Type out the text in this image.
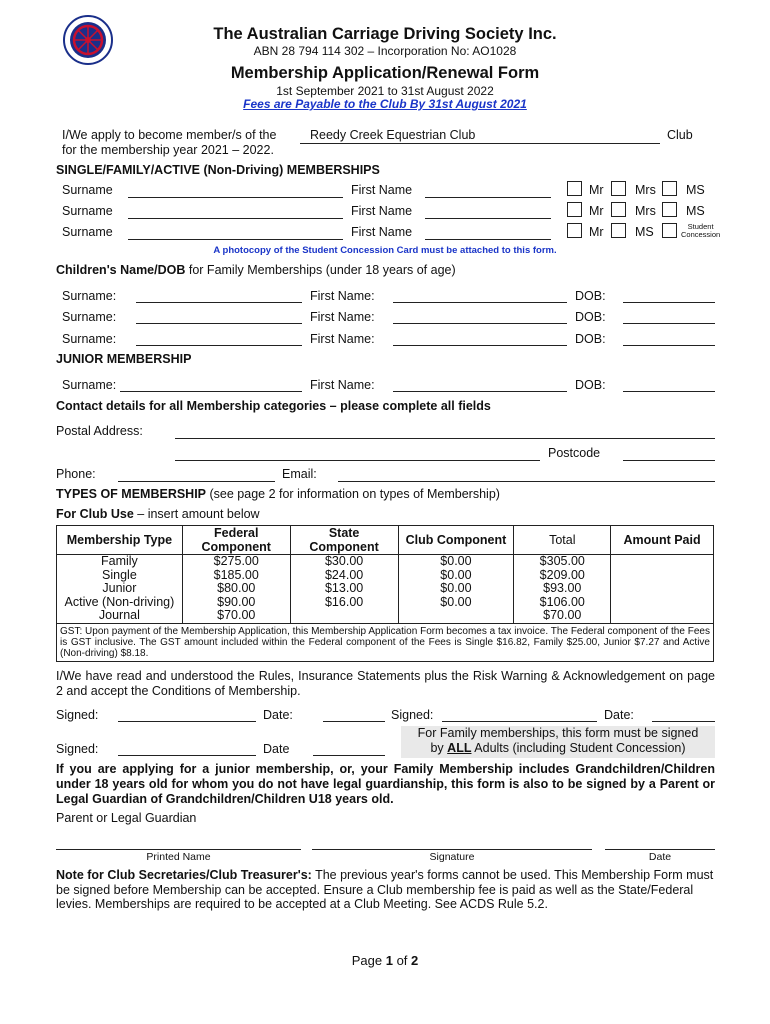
The Australian Carriage Driving Society Inc.
ABN 28 794 114 302 – Incorporation No: AO1028
Membership Application/Renewal Form
1st September 2021 to 31st August 2022
Fees are Payable to the Club By 31st August 2021
I/We apply to become member/s of the
for the membership year 2021 – 2022.
Reedy Creek Equestrian Club	Club
SINGLE/FAMILY/ACTIVE (Non-Driving) MEMBERSHIPS
Surname	First Name	Mr	Mrs MS
Surname	First Name	Mr	Mrs MS
Surname	First Name	Mr	MS	Student
Concession
A photocopy of the Student Concession Card must be attached to this form.
Children's Name/DOB for Family Memberships (under 18 years of age)
Surname:	First Name:	DOB:
Surname:	First Name:	DOB:
Surname:	First Name:	DOB:
JUNIOR MEMBERSHIP
Surname:	First Name:	DOB:
Contact details for all Membership categories – please complete all fields
Postal Address:
Postcode
Phone:	Email:
TYPES OF MEMBERSHIP (see page 2 for information on types of Membership)
For Club Use – insert amount below
Membership Type	Federal Component	State Component	Club Component	Total	Amount Paid
Family	$275.00	$30.00	$0.00	$305.00	
Single	$185.00	$24.00	$0.00	$209.00	
Junior	$80.00	$13.00	$0.00	$93.00	
Active (Non-driving)	$90.00	$16.00	$0.00	$106.00	
Journal	$70.00			$70.00	
GST: Upon payment of the Membership Application, this Membership Application Form becomes a tax invoice. The Federal component of the Fees is GST inclusive. The GST amount included within the Federal component of the Fees is Single $16.82, Family $25.00, Junior $7.27 and Active (Non-driving) $8.18.					
I/We have read and understood the Rules, Insurance Statements plus the Risk Warning & Acknowledgement on page 2 and accept the Conditions of Membership.
Signed:	Date:	Signed:	Date:
Signed:	Date
For Family memberships, this form must be signed
by ALL Adults (including Student Concession)
If you are applying for a junior membership, or, your Family Membership includes Grandchildren/Children under 18 years old for whom you do not have legal guardianship, this form is also to be signed by a Parent or Legal Guardian of Grandchildren/Children U18 years old.
Parent or Legal Guardian
Printed Name	Signature	Date
Note for Club Secretaries/Club Treasurer's: The previous year's forms cannot be used. This Membership Form must be signed before Membership can be accepted. Ensure a Club membership fee is paid as well as the State/Federal levies. Memberships are required to be accepted at a Club Meeting. See ACDS Rule 5.2.
Page 1 of 2
